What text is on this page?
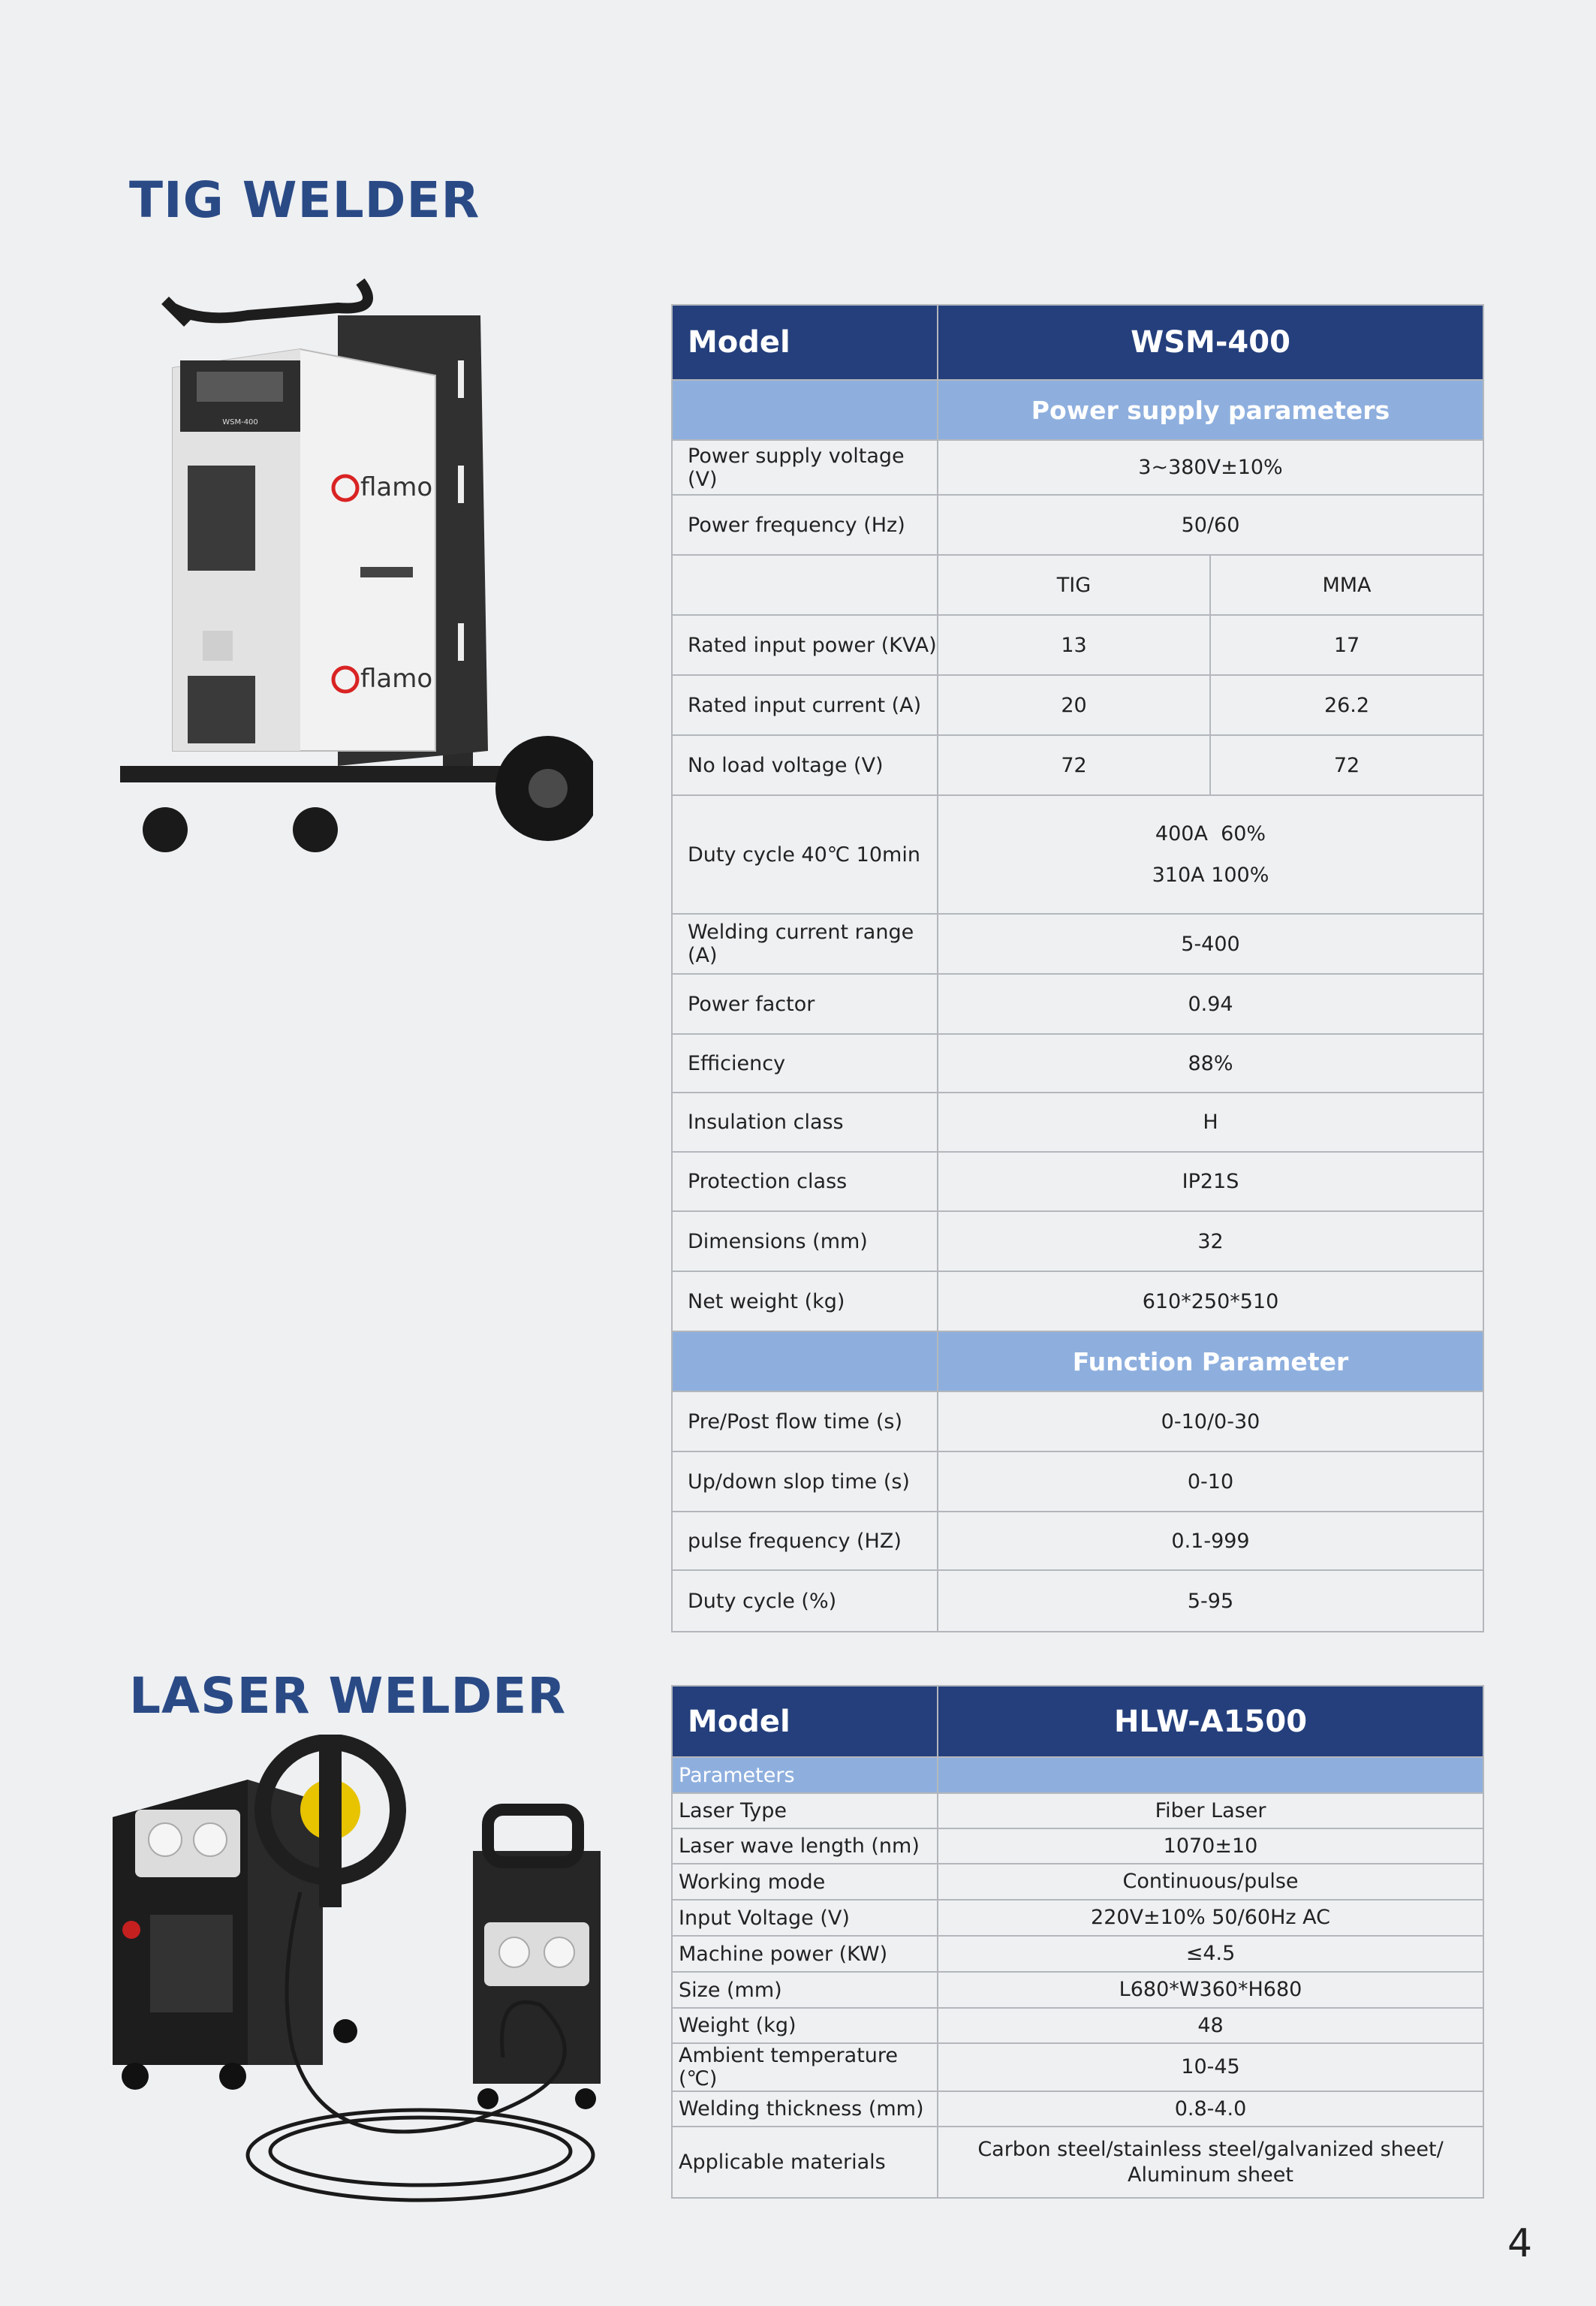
TIG WELDER
WSM-400
flamo
flamo
Model	WSM-400	
	Power supply parameters	
Power supply voltage (V)	3~380V±10%	
Power frequency (Hz)	50/60	
	TIG	MMA
Rated input power (KVA)	13	17
Rated input current (A)	20	26.2
No load voltage (V)	72	72
Duty cycle 40℃ 10min	400A  60%
310A 100%	

Welding current range (A)	5-400	
Power factor	0.94	
Efficiency	88%	
Insulation class	H	
Protection class	IP21S	
Dimensions (mm)	32	
Net weight (kg)	610*250*510	
	Function Parameter	
Pre/Post flow time (s)	0-10/0-30	
Up/down slop time (s)	0-10	
pulse frequency (HZ)	0.1-999	
Duty cycle (%)	5-95	
LASER WELDER	Model	HLW-A1500
Parameters	
Laser Type	Fiber Laser
Laser wave length (nm)	1070±10
Working mode	Continuous/pulse
Input Voltage (V)	220V±10% 50/60Hz AC
Machine power (KW)	≤4.5
Size (mm)	L680*W360*H680
Weight (kg)	48
Ambient temperature (℃)	10-45
Welding thickness (mm)	0.8-4.0
Applicable materials	Carbon steel/stainless steel/galvanized sheet/
Aluminum sheet
4
